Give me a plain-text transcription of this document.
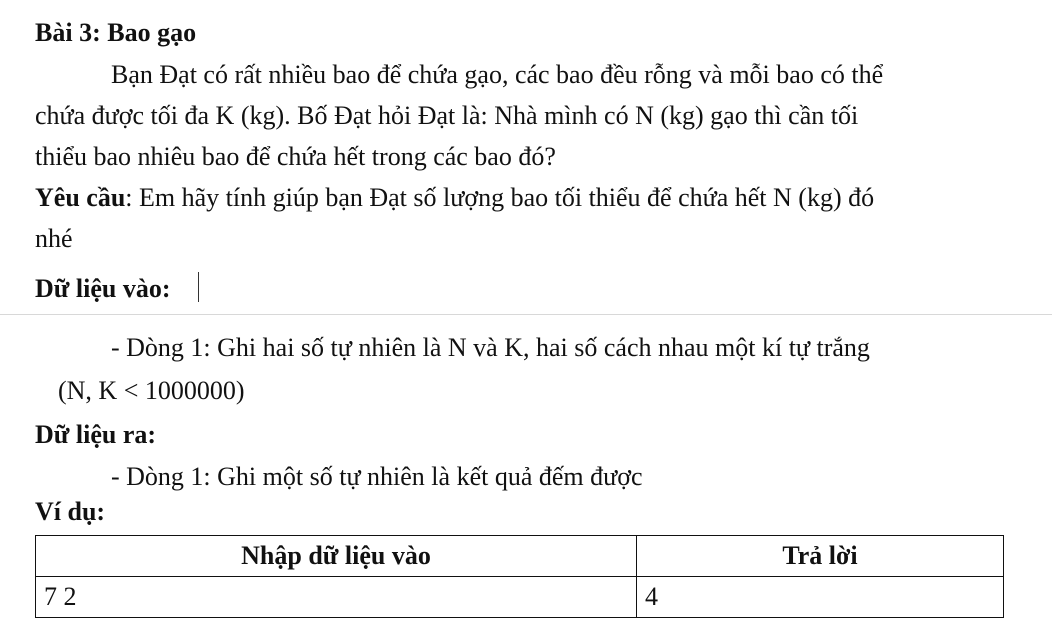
Bài 3: Bao gạo
Bạn Đạt có rất nhiều bao để chứa gạo, các bao đều rỗng và mỗi bao có thể
chứa được tối đa K (kg). Bố Đạt hỏi Đạt là: Nhà mình có N (kg) gạo thì cần tối
thiểu bao nhiêu bao để chứa hết trong các bao đó?
Yêu cầu: Em hãy tính giúp bạn Đạt số lượng bao tối thiểu để chứa hết N (kg) đó
nhé
Dữ liệu vào:
- Dòng 1: Ghi hai số tự nhiên là N và K, hai số cách nhau một kí tự trắng
(N, K < 1000000)
Dữ liệu ra:
- Dòng 1: Ghi một số tự nhiên là kết quả đếm được
Ví dụ:
Nhập dữ liệu vào	Trả lời
7 2	4
